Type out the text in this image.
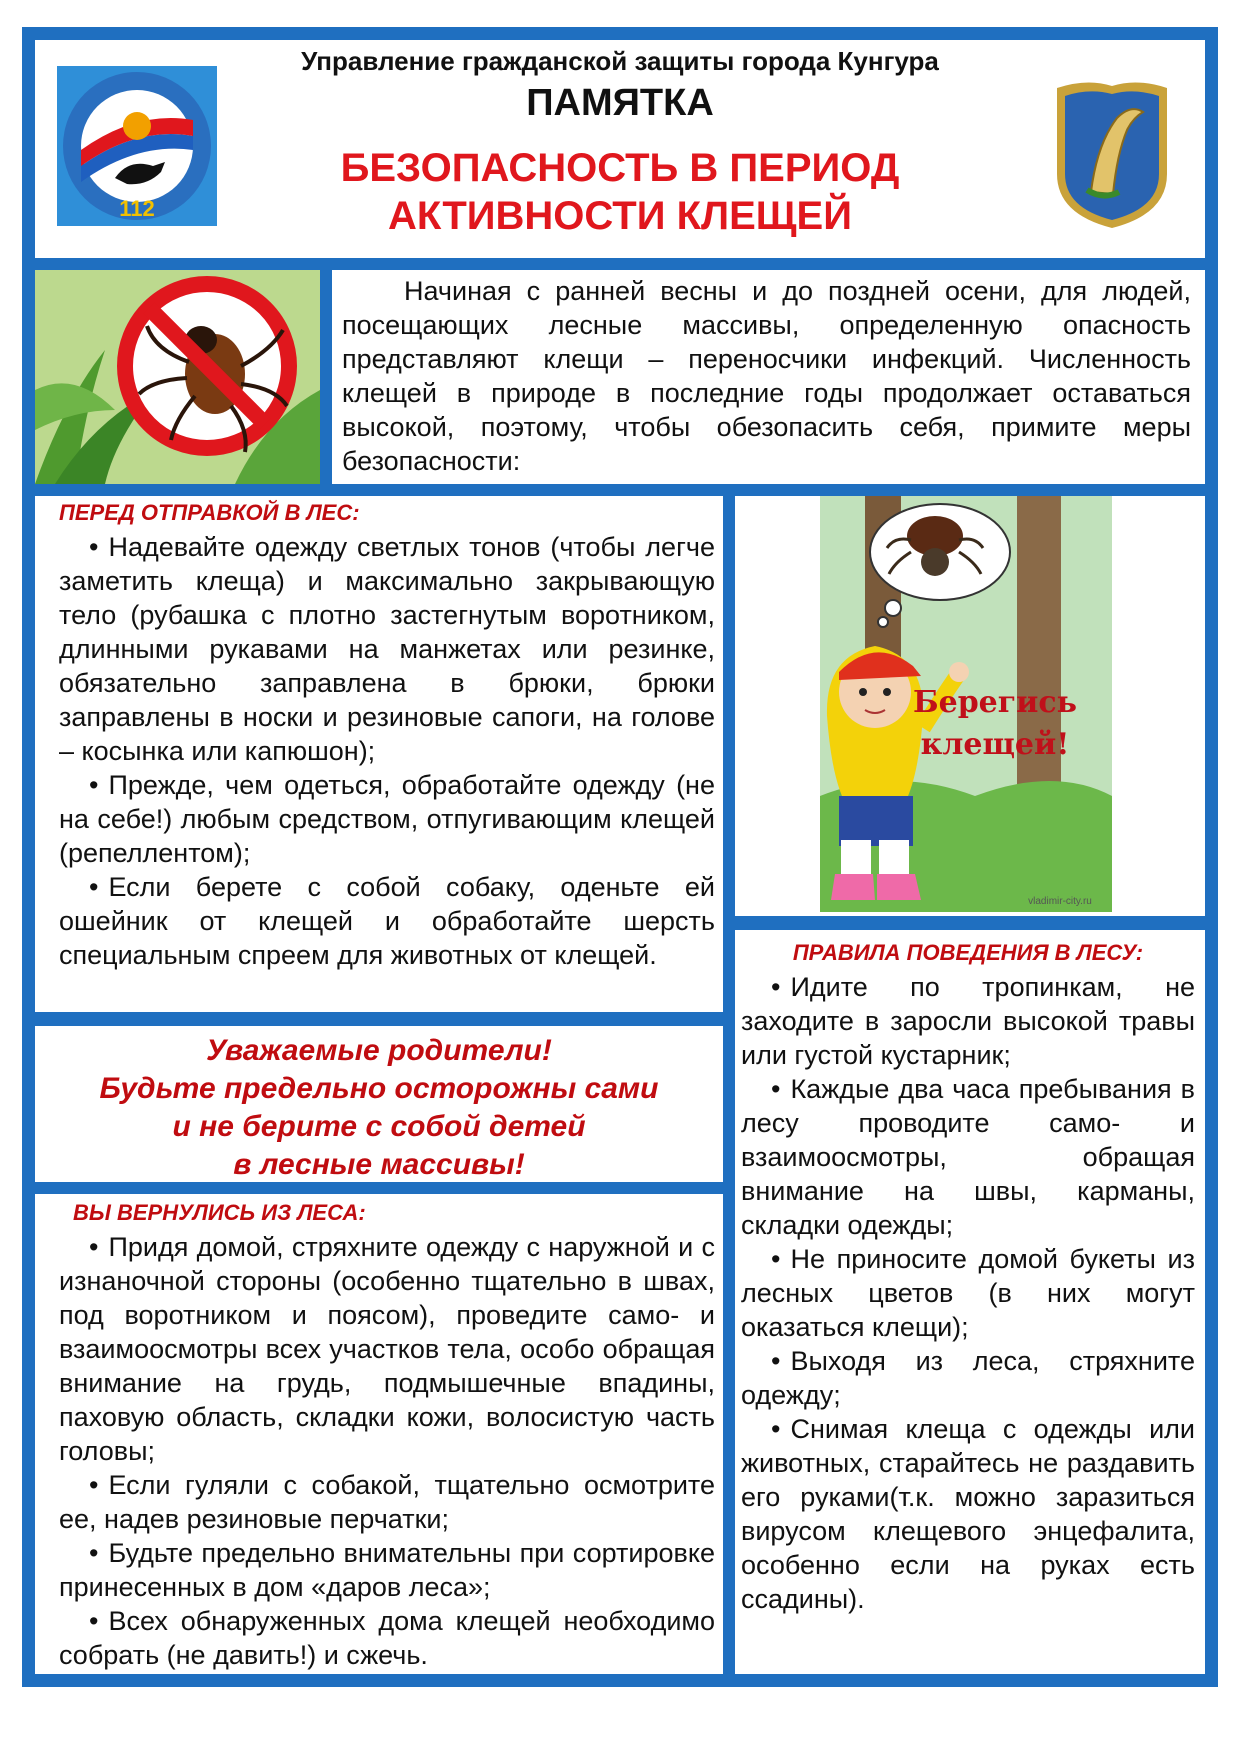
112
Управление гражданской защиты города Кунгура
ПАМЯТКА
БЕЗОПАСНОСТЬ В ПЕРИОД
АКТИВНОСТИ КЛЕЩЕЙ

Начиная с ранней весны и до поздней осени, для людей, посещающих лесные массивы, определенную опасность представляют клещи – переносчики инфекций. Численность клещей в природе в последние годы продолжает оставаться высокой, поэтому, чтобы обезопасить себя, примите меры безопасности:

ПЕРЕД ОТПРАВКОЙ В ЛЕС:

• Надевайте одежду светлых тонов (чтобы легче заметить клеща) и максимально закрывающую тело (рубашка с плотно застегнутым воротником, длинными рукавами на манжетах или резинке, обязательно заправлена в брюки, брюки заправлены в носки и резиновые сапоги, на голове – косынка или капюшон);

• Прежде, чем одеться, обработайте одежду (не на себе!) любым средством, отпугивающим клещей (репеллентом);

• Если берете с собой собаку, оденьте ей ошейник от клещей и обработайте шерсть специальным спреем для животных от клещей.

Берегись
клещей!
vladimir-city.ru
Уважаемые родители!
Будьте предельно осторожны сами
и не берите с собой детей
в лесные массивы!

ВЫ ВЕРНУЛИСЬ ИЗ ЛЕСА:

• Придя домой, стряхните одежду с наружной и с изнаночной стороны (особенно тщательно в швах, под воротником и поясом), проведите само- и взаимоосмотры всех участков тела, особо обращая внимание на грудь, подмышечные впадины, паховую область, складки кожи, волосистую часть головы;

• Если гуляли с собакой, тщательно осмотрите ее, надев резиновые перчатки;

• Будьте предельно внимательны при сортировке принесенных в дом «даров леса»;

• Всех обнаруженных дома клещей необходимо собрать (не давить!) и сжечь.

ПРАВИЛА ПОВЕДЕНИЯ В ЛЕСУ:

• Идите по тропинкам, не заходите в заросли высокой травы или густой кустарник;

• Каждые два часа пребывания в лесу проводите само- и взаимоосмотры, обращая внимание на швы, карманы, складки одежды;

• Не приносите домой букеты из лесных цветов (в них могут оказаться клещи);

• Выходя из леса, стряхните одежду;

• Снимая клеща с одежды или животных, старайтесь не раздавить его руками(т.к. можно заразиться вирусом клещевого энцефалита, особенно если на руках есть ссадины).
